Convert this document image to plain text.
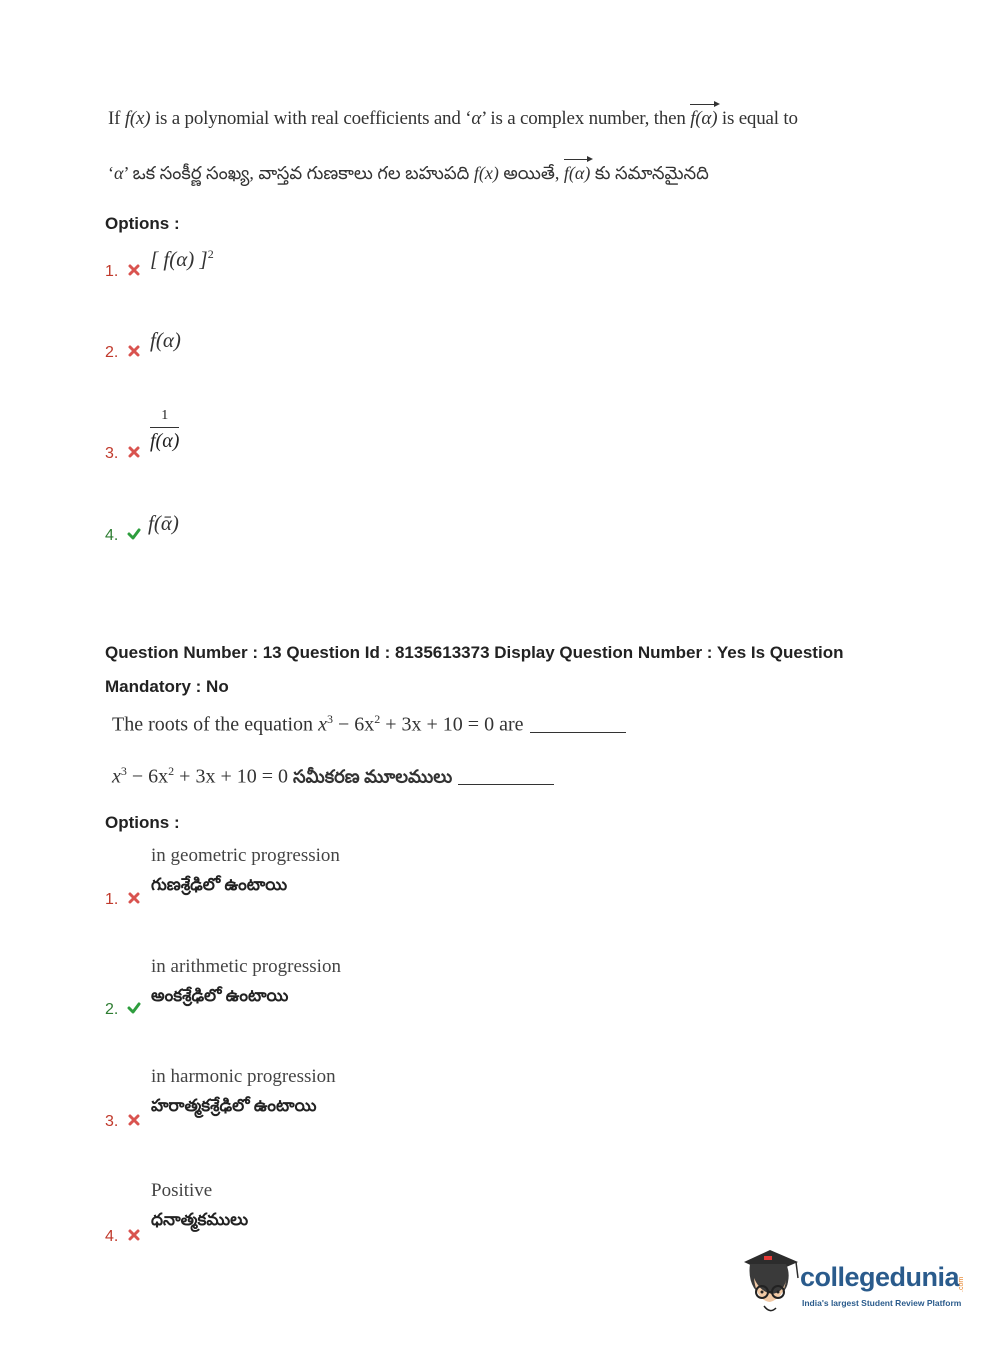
If f(x) is a polynomial with real coefficients and ‘α’ is a complex number, then f(α) is equal to
‘α’ ఒక సంకీర్ణ సంఖ్య, వాస్తవ గుణకాలు గల బహుపది f(x) అయితే, f(α) కు సమానమైనది
Options :
1.
[ f(α) ]$^2$
2.
f(α)
3.
$\frac{1}{f(\alpha)}$
4.
f(ᾱ)
Question Number : 13 Question Id : 8135613373 Display Question Number : Yes Is Question
Mandatory : No
The roots of the equation $x^3 - 6x^2 + 3x + 10 = 0$ are
$x^3 - 6x^2 + 3x + 10 = 0$ సమీకరణ మూలములు
Options :
in geometric progression
గుణశ్రేఢిలో ఉంటాయి
1.
in arithmetic progression
అంకశ్రేఢిలో ఉంటాయి
2.
in harmonic progression
హరాత్మకశ్రేఢిలో ఉంటాయి
3.
Positive
ధనాత్మకములు
4.
collegedunia
.com
India's largest Student Review Platform
